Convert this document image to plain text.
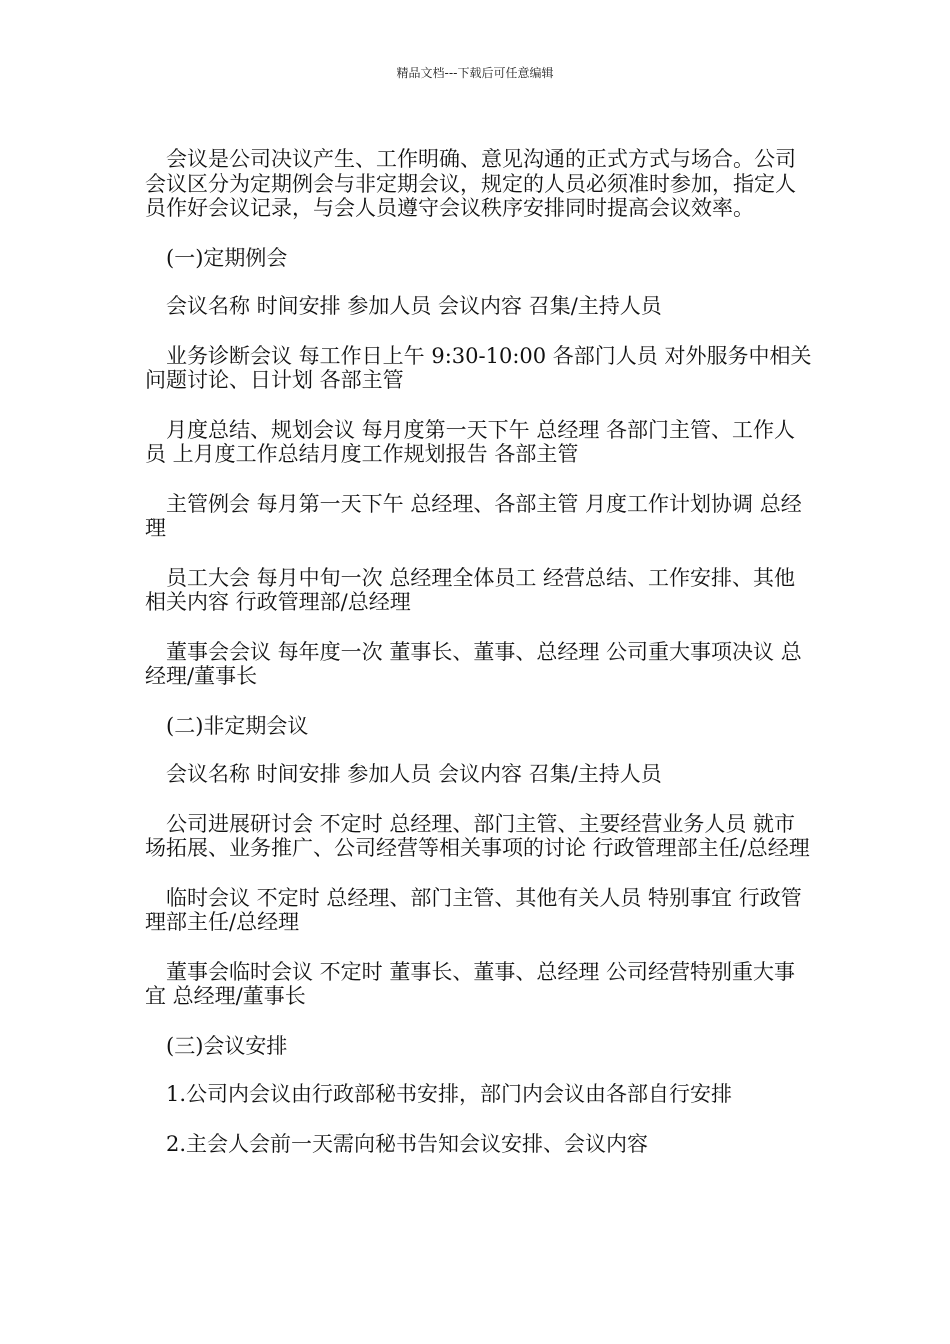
精品文档---下载后可任意编辑

会议是公司决议产生、工作明确、意见沟通的正式方式与场合。公司会议区分为定期例会与非定期会议，规定的人员必须准时参加，指定人员作好会议记录，与会人员遵守会议秩序安排同时提高会议效率。

(一)定期例会

会议名称 时间安排 参加人员 会议内容 召集/主持人员

业务诊断会议 每工作日上午 9:30-10:00 各部门人员 对外服务中相关问题讨论、日计划 各部主管

月度总结、规划会议 每月度第一天下午 总经理 各部门主管、工作人员 上月度工作总结月度工作规划报告 各部主管

主管例会 每月第一天下午 总经理、各部主管 月度工作计划协调 总经理

员工大会 每月中旬一次 总经理全体员工 经营总结、工作安排、其他相关内容 行政管理部/总经理

董事会会议 每年度一次 董事长、董事、总经理 公司重大事项决议 总经理/董事长

(二)非定期会议

会议名称 时间安排 参加人员 会议内容 召集/主持人员

公司进展研讨会 不定时 总经理、部门主管、主要经营业务人员 就市场拓展、业务推广、公司经营等相关事项的讨论 行政管理部主任/总经理

临时会议 不定时 总经理、部门主管、其他有关人员 特别事宜 行政管理部主任/总经理

董事会临时会议 不定时 董事长、董事、总经理 公司经营特别重大事宜 总经理/董事长

(三)会议安排

1.公司内会议由行政部秘书安排，部门内会议由各部自行安排

2.主会人会前一天需向秘书告知会议安排、会议内容
